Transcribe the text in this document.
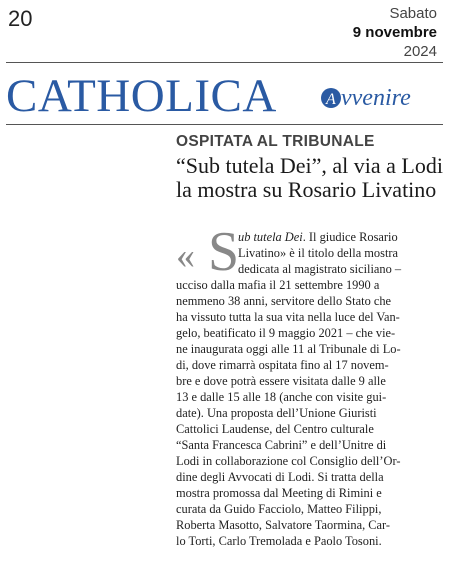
20	Sabato
9 novembre
2024
CATHOLICA	A vvenire
OSPITATA AL TRIBUNALE
“Sub tutela Dei”, al via a Lodi
la mostra su Rosario Livatino
« S
ub tutela Dei. Il giudice Rosario
Livatino» è il titolo della mostra
dedicata al magistrato siciliano –
ucciso dalla mafia il 21 settembre 1990 a
nemmeno 38 anni, servitore dello Stato che
ha vissuto tutta la sua vita nella luce del Van-
gelo, beatificato il 9 maggio 2021 – che vie-
ne inaugurata oggi alle 11 al Tribunale di Lo-
di, dove rimarrà ospitata fino al 17 novem-
bre e dove potrà essere visitata dalle 9 alle
13 e dalle 15 alle 18 (anche con visite gui-
date). Una proposta dell’Unione Giuristi
Cattolici Laudense, del Centro culturale
“Santa Francesca Cabrini” e dell’Unitre di
Lodi in collaborazione col Consiglio dell’Or-
dine degli Avvocati di Lodi. Si tratta della
mostra promossa dal Meeting di Rimini e
curata da Guido Facciolo, Matteo Filippi,
Roberta Masotto, Salvatore Taormina, Car-
lo Torti, Carlo Tremolada e Paolo Tosoni.
